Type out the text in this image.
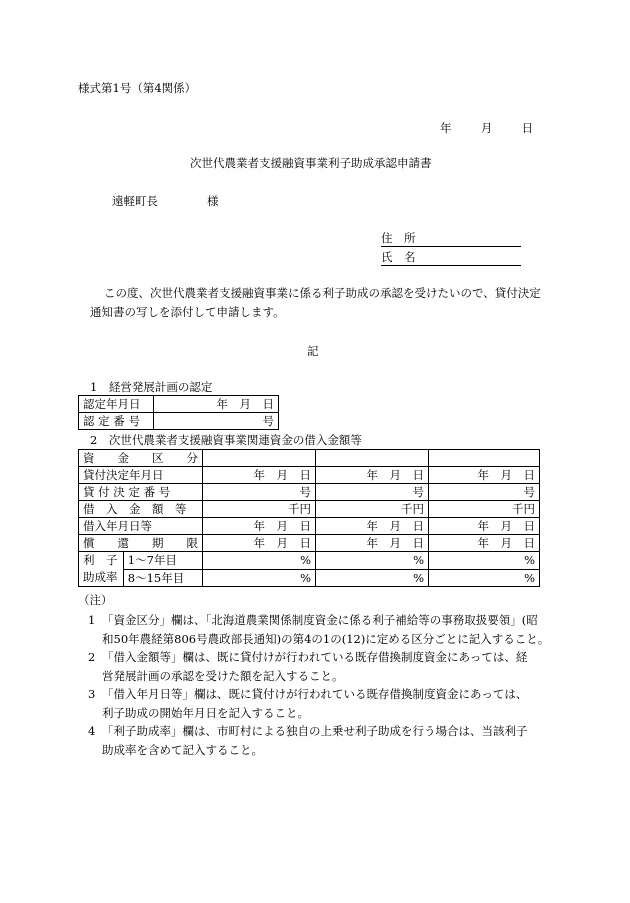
様式第1号（第4関係）
年	月	日
次世代農業者支援融資事業利子助成承認申請書
遠軽町長	様
住　所
氏　名
この度、次世代農業者支援融資事業に係る利子助成の承認を受けたいので、貸付決定
通知書の写しを添付して申請します。
記
1　経営発展計画の認定
認定年月日	年　月　日
認 定 番 号	号
2　次世代農業者支援融資事業関連資金の借入金額等
資　　金　　区　　分				
貸付決定年月日		年　月　日	年　月　日	年　月　日
貸 付 決 定 番 号		号	号	号
借　入　金　額　等		千円	千円	千円
借入年月日等		年　月　日	年　月　日	年　月　日
償　　還　　期　　限		年　月　日	年　月　日	年　月　日

利　子
助成率	1～7年目	%	%	%
	8～15年目	%	%	%
（注）
1 「資金区分」欄は、「北海道農業関係制度資金に係る利子補給等の事務取扱要領」(昭
和50年農経第806号農政部長通知)の第4の1の(12)に定める区分ごとに記入すること。
2 「借入金額等」欄は、既に貸付けが行われている既存借換制度資金にあっては、経
営発展計画の承認を受けた額を記入すること。
3 「借入年月日等」欄は、既に貸付けが行われている既存借換制度資金にあっては、
利子助成の開始年月日を記入すること。
4 「利子助成率」欄は、市町村による独自の上乗せ利子助成を行う場合は、当該利子
助成率を含めて記入すること。
